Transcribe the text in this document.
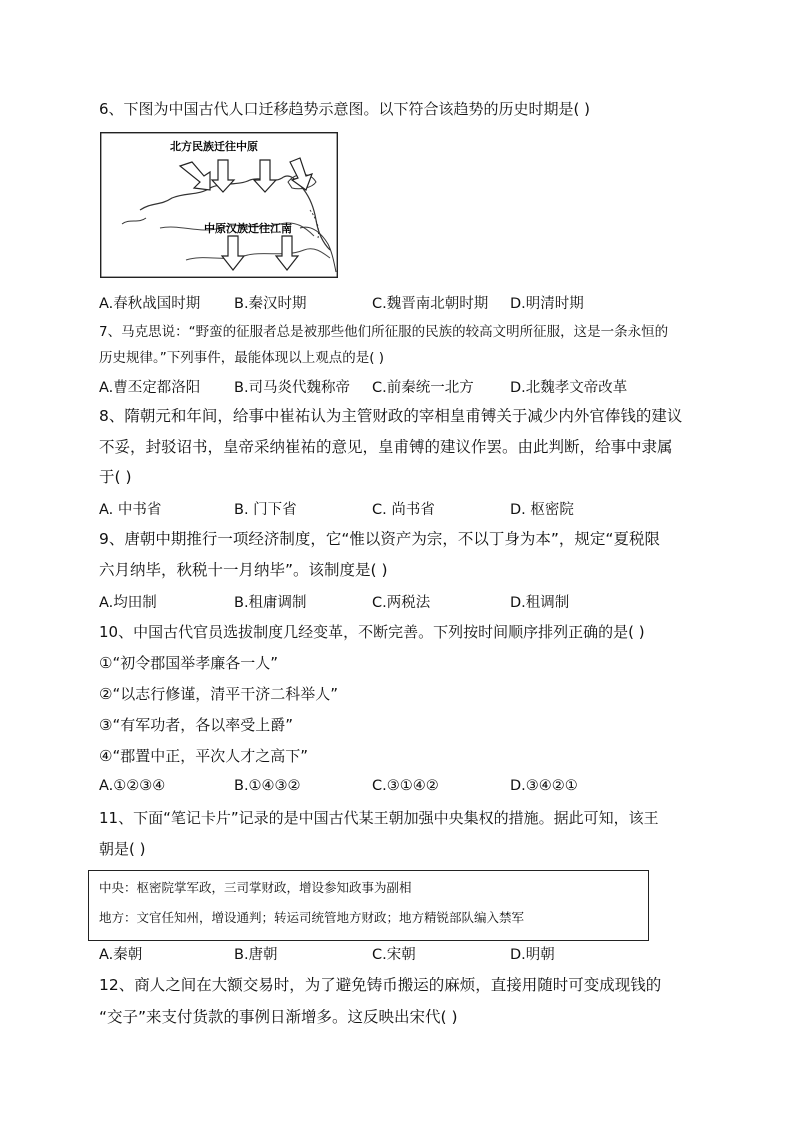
6、下图为中国古代人口迁移趋势示意图。以下符合该趋势的历史时期是( )
北方民族迁往中原
中原汉族迁往江南
A.春秋战国时期 B.秦汉时期	C.魏晋南北朝时期 D.明清时期
7、马克思说：“野蛮的征服者总是被那些他们所征服的民族的较高文明所征服，这是一条永恒的
历史规律。”下列事件，最能体现以上观点的是( )
A.曹丕定都洛阳 B.司马炎代魏称帝 C.前秦统一北方	D.北魏孝文帝改革
8、隋朝元和年间，给事中崔祐认为主管财政的宰相皇甫镈关于减少内外官俸钱的建议
不妥，封驳诏书，皇帝采纳崔祐的意见，皇甫镈的建议作罢。由此判断，给事中隶属
于( )
A. 中书省	B. 门下省	C. 尚书省	D. 枢密院
9、唐朝中期推行一项经济制度，它“惟以资产为宗，不以丁身为本”，规定“夏税限
六月纳毕，秋税十一月纳毕”。该制度是( )
A.均田制	B.租庸调制	C.两税法	D.租调制
10、中国古代官员选拔制度几经变革，不断完善。下列按时间顺序排列正确的是( )
①“初令郡国举孝廉各一人”
②“以志行修谨，清平干济二科举人”
③“有军功者，各以率受上爵”
④“郡置中正，平次人才之高下”
A.①②③④	B.①④③②	C.③①④②	D.③④②①
11、下面“笔记卡片”记录的是中国古代某王朝加强中央集权的措施。据此可知，该王
朝是( )
中央：枢密院掌军政，三司掌财政，增设参知政事为副相
地方：文官任知州，增设通判；转运司统管地方财政；地方精锐部队编入禁军
A.秦朝	B.唐朝	C.宋朝	D.明朝
12、商人之间在大额交易时，为了避免铸币搬运的麻烦，直接用随时可变成现钱的
“交子”来支付货款的事例日渐增多。这反映出宋代( )
